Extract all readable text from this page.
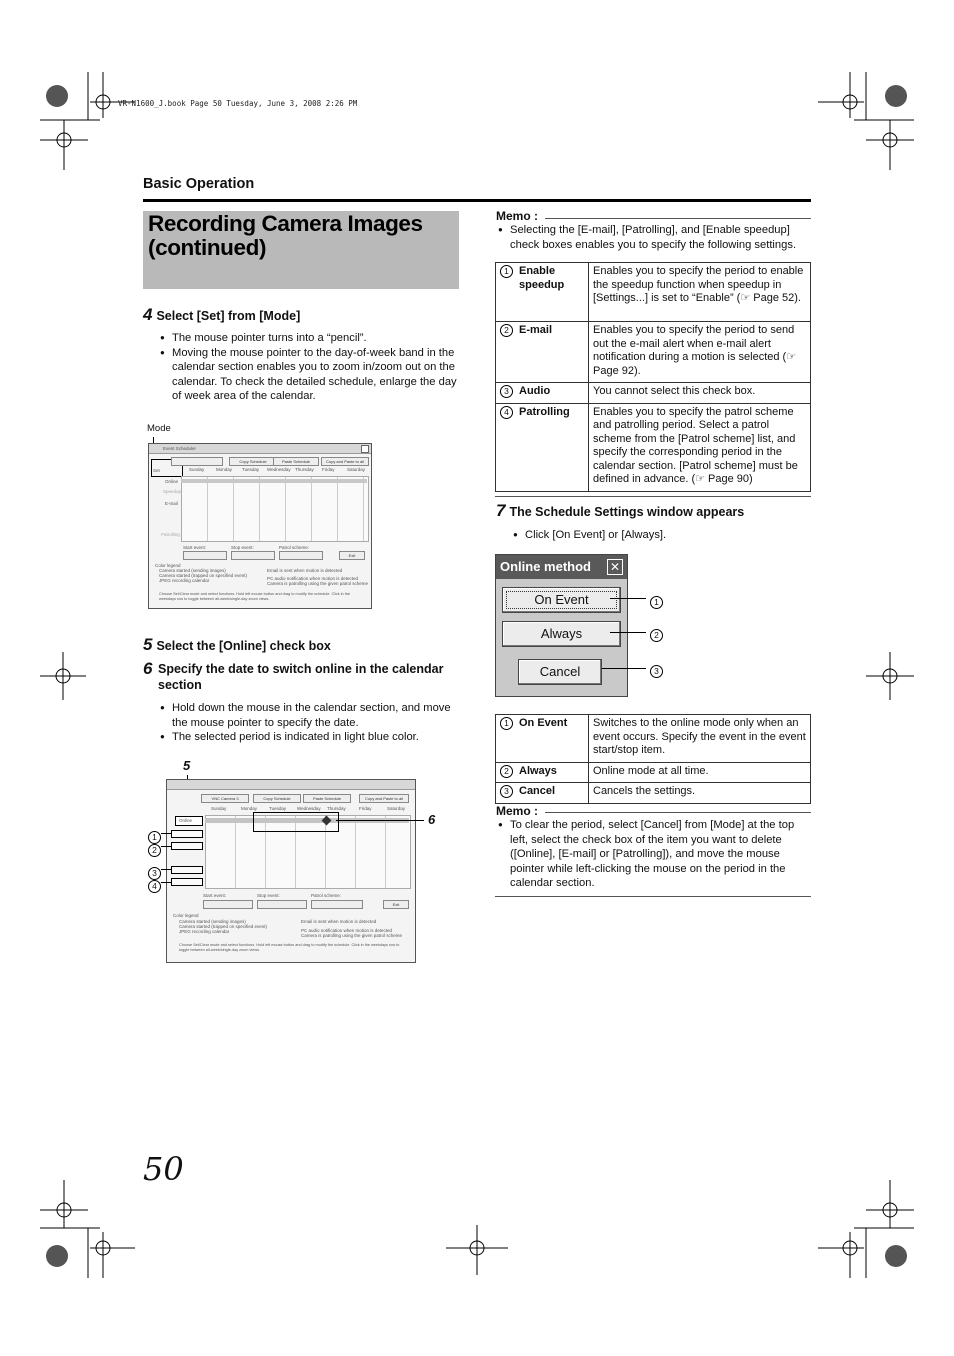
VR-N1600_J.book Page 50 Tuesday, June 3, 2008 2:26 PM
Basic Operation
Recording Camera Images
(continued)
4 Select [Set] from [Mode]
● The mouse pointer turns into a “pencil”.
● Moving the mouse pointer to the day-of-week band in the calendar section enables you to zoom in/zoom out on the calendar. To check the detailed schedule, enlarge the day of week area of the calendar.
Mode
Event Scheduler
Set
Copy Schedule	Paste Schedule	Copy and Paste to all
Sunday	Monday Tuesday Wednesday Thursday Friday	Saturday
Online
Speedup
E-mail
Patrolling
Start event:	Stop event:	Patrol scheme:
Exit
Color legend
Camera started (sending images)
Camera started (trapped on specified event)
JPEG recording calendar
Email is sent when motion is detected
PC audio notification when motion is detected
Camera is patrolling using the given patrol scheme
Choose Set/Clear mode and select functions. Hold left mouse button and drag to modify the schedule. Click in the weekdays row to toggle between all-week/single-day zoom views.
5 Select the [Online] check box
6 Specify the date to switch online in the calendar section
● Hold down the mouse in the calendar section, and move the mouse pointer to specify the date.
● The selected period is indicated in light blue color.
5
VNC Camera 3	Copy Schedule	Paste Schedule	Copy and Paste to all
Sunday	Monday	Tuesday Wednesday Thursday	Friday	Saturday
Online
Start event:	Stop event:	Patrol scheme:
Exit
Color legend
Camera started (sending images)
Camera started (trapped on specified event)
JPEG recording calendar
Email is sent when motion is detected
PC audio notification when motion is detected
Camera is patrolling using the given patrol scheme
Choose Set/Clear mode and select functions. Hold left mouse button and drag to modify the schedule. Click in the weekdays row to toggle between all-week/single-day zoom views.
1
2
3
4
6
Memo :
● Selecting the [E-mail], [Patrolling], and [Enable speedup] check boxes enables you to specify the following settings.
1 Enable speedup	Enables you to specify the period to enable the speedup function when speedup in [Settings...] is set to “Enable” (☞ Page 52).
2 E-mail	Enables you to specify the period to send out the e-mail alert when e-mail alert notification during a motion is selected (☞ Page 92).
3 Audio	You cannot select this check box.
4 Patrolling	Enables you to specify the patrol scheme and patrolling period. Select a patrol scheme from the [Patrol scheme] list, and specify the corresponding period in the calendar section. [Patrol scheme] must be defined in advance. (☞ Page 90)
7 The Schedule Settings window appears
● Click [On Event] or [Always].
Online method	✕
On Event
Always
Cancel
1
2
3
1 On Event	Switches to the online mode only when an event occurs. Specify the event in the event start/stop item.
2 Always	Online mode at all time.
3 Cancel	Cancels the settings.
Memo :
● To clear the period, select [Cancel] from [Mode] at the top left, select the check box of the item you want to delete ([Online], [E-mail] or [Patrolling]), and move the mouse pointer while left-clicking the mouse on the period in the calendar section.
50
